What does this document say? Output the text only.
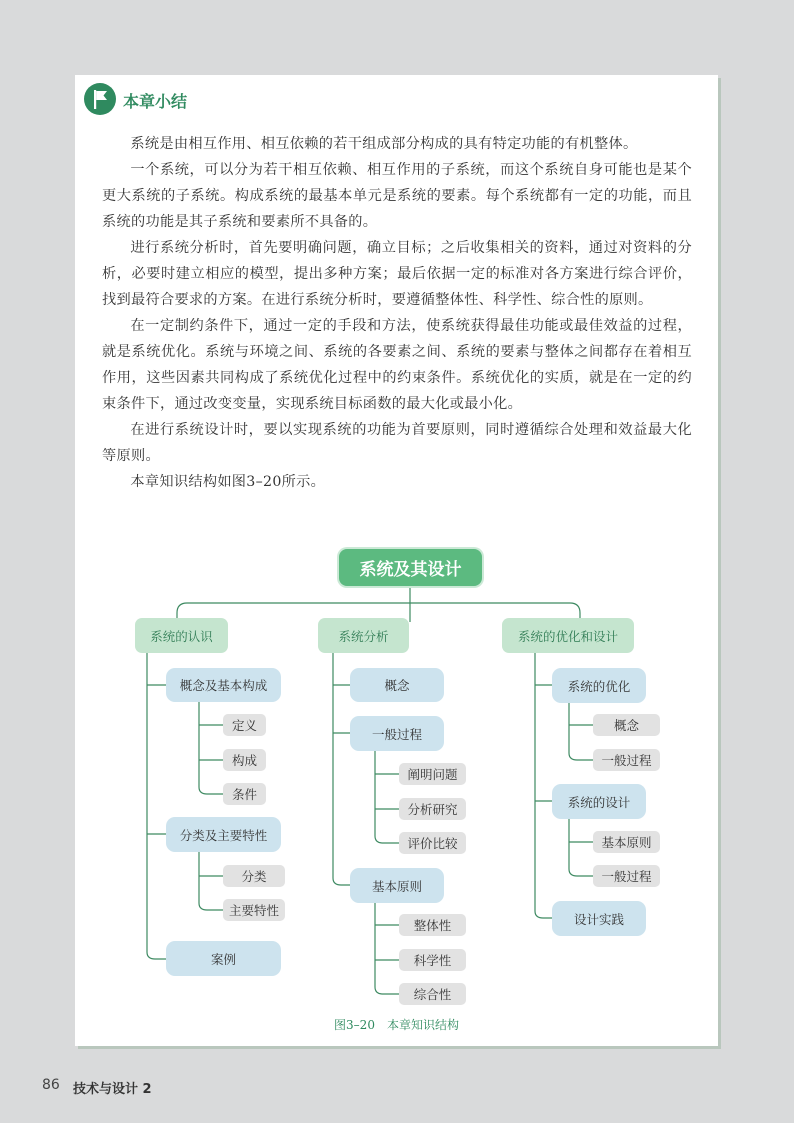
本章小结

系统是由相互作用、相互依赖的若干组成部分构成的具有特定功能的有机整体。

一个系统，可以分为若干相互依赖、相互作用的子系统，而这个系统自身可能也是某个更大系统的子系统。构成系统的最基本单元是系统的要素。每个系统都有一定的功能，而且系统的功能是其子系统和要素所不具备的。

进行系统分析时，首先要明确问题，确立目标；之后收集相关的资料，通过对资料的分析，必要时建立相应的模型，提出多种方案；最后依据一定的标准对各方案进行综合评价，找到最符合要求的方案。在进行系统分析时，要遵循整体性、科学性、综合性的原则。

在一定制约条件下，通过一定的手段和方法，使系统获得最佳功能或最佳效益的过程，就是系统优化。系统与环境之间、系统的各要素之间、系统的要素与整体之间都存在着相互作用，这些因素共同构成了系统优化过程中的约束条件。系统优化的实质，就是在一定的约束条件下，通过改变变量，实现系统目标函数的最大化或最小化。

在进行系统设计时，要以实现系统的功能为首要原则，同时遵循综合处理和效益最大化等原则。

本章知识结构如图3–20所示。

系统及其设计
系统的认识
概念及基本构成
定义
构成
条件
分类及主要特性
分类
主要特性
案例
系统分析
概念
一般过程
阐明问题
分析研究
评价比较
基本原则
整体性
科学性
综合性
系统的优化和设计
系统的优化
概念
一般过程
系统的设计
基本原则
一般过程
设计实践
图3–20　本章知识结构
86 技术与设计 2
